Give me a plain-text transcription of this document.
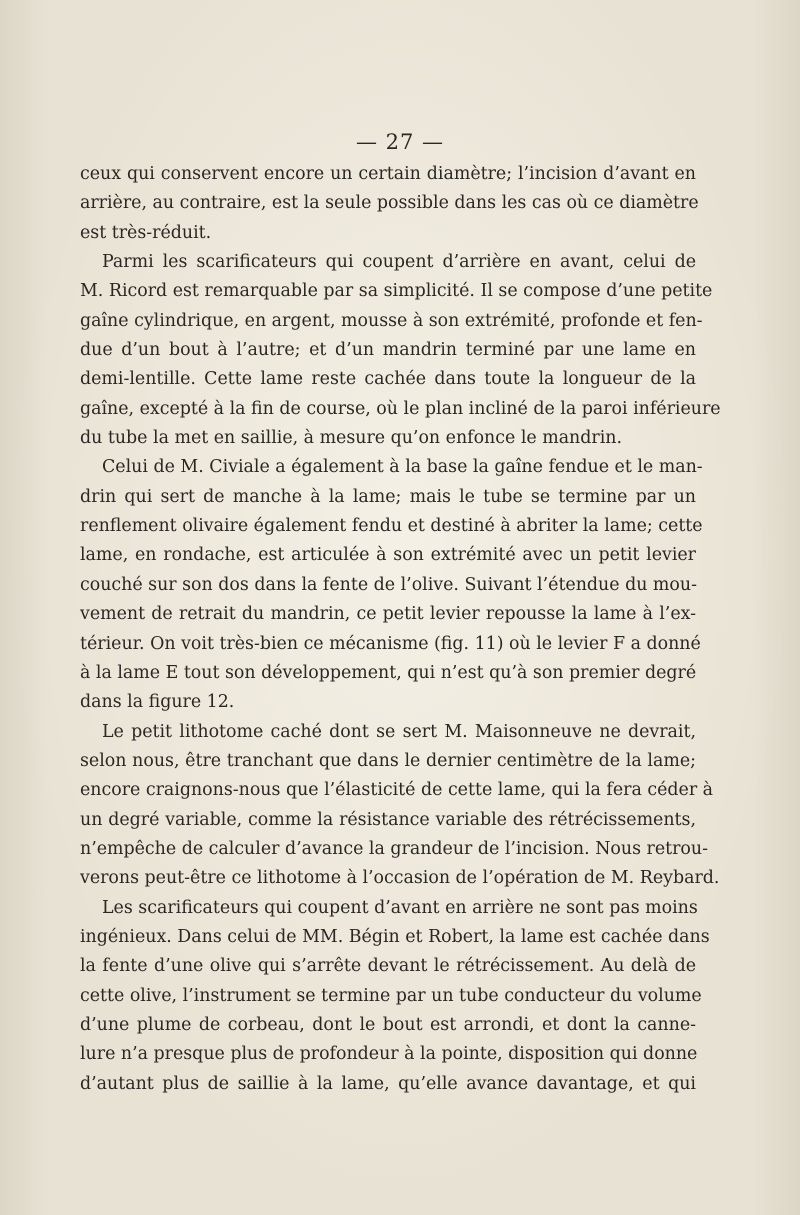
— 27 —

ceux qui conservent encore un certain diamètre; l’incision d’avant en
arrière, au contraire, est la seule possible dans les cas où ce diamètre
est très-réduit.

Parmi les scarificateurs qui coupent d’arrière en avant, celui de
M. Ricord est remarquable par sa simplicité. Il se compose d’une petite
gaîne cylindrique, en argent, mousse à son extrémité, profonde et fen-
due d’un bout à l’autre; et d’un mandrin terminé par une lame en
demi-lentille. Cette lame reste cachée dans toute la longueur de la
gaîne, excepté à la fin de course, où le plan incliné de la paroi inférieure
du tube la met en saillie, à mesure qu’on enfonce le mandrin.

Celui de M. Civiale a également à la base la gaîne fendue et le man-
drin qui sert de manche à la lame; mais le tube se termine par un
renflement olivaire également fendu et destiné à abriter la lame; cette
lame, en rondache, est articulée à son extrémité avec un petit levier
couché sur son dos dans la fente de l’olive. Suivant l’étendue du mou-
vement de retrait du mandrin, ce petit levier repousse la lame à l’ex-
térieur. On voit très-bien ce mécanisme (fig. 11) où le levier F a donné
à la lame E tout son développement, qui n’est qu’à son premier degré
dans la figure 12.

Le petit lithotome caché dont se sert M. Maisonneuve ne devrait,
selon nous, être tranchant que dans le dernier centimètre de la lame;
encore craignons-nous que l’élasticité de cette lame, qui la fera céder à
un degré variable, comme la résistance variable des rétrécissements,
n’empêche de calculer d’avance la grandeur de l’incision. Nous retrou-
verons peut-être ce lithotome à l’occasion de l’opération de M. Reybard.

Les scarificateurs qui coupent d’avant en arrière ne sont pas moins
ingénieux. Dans celui de MM. Bégin et Robert, la lame est cachée dans
la fente d’une olive qui s’arrête devant le rétrécissement. Au delà de
cette olive, l’instrument se termine par un tube conducteur du volume
d’une plume de corbeau, dont le bout est arrondi, et dont la canne-
lure n’a presque plus de profondeur à la pointe, disposition qui donne
d’autant plus de saillie à la lame, qu’elle avance davantage, et qui
